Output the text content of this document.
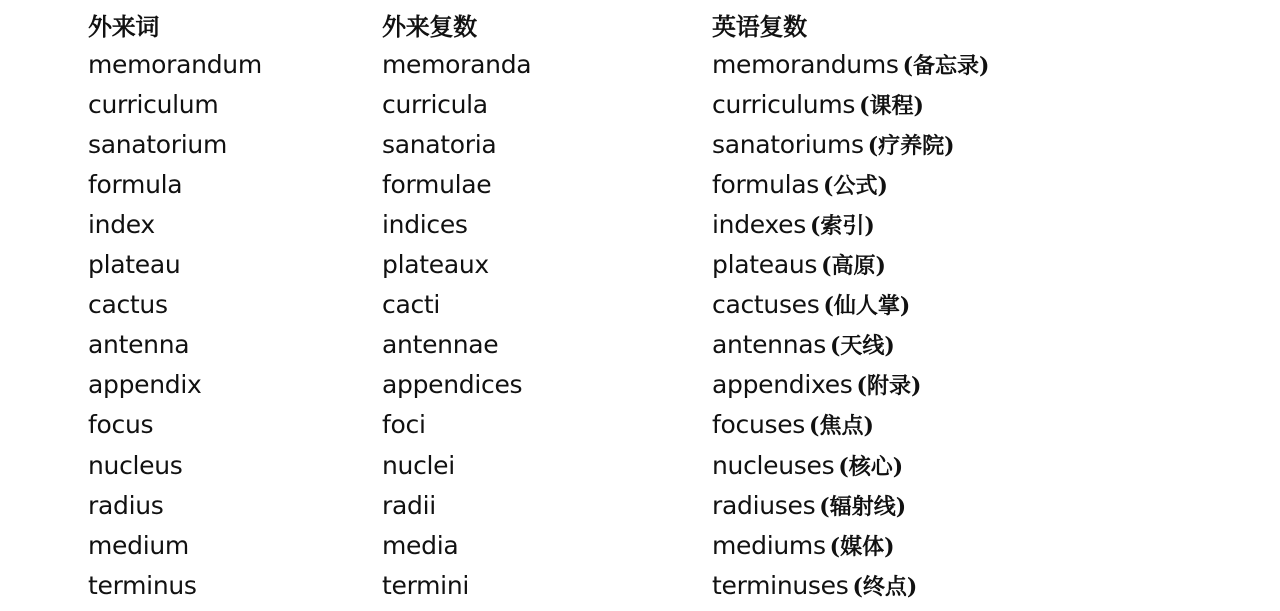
外来词	外来复数	英语复数
memorandum	memoranda	memorandums (备忘录)
curriculum	curricula	curriculums (课程)
sanatorium	sanatoria	sanatoriums (疗养院)
formula	formulae	formulas (公式)
index	indices	indexes (索引)
plateau	plateaux	plateaus (高原)
cactus	cacti	cactuses (仙人掌)
antenna	antennae	antennas (天线)
appendix	appendices	appendixes (附录)
focus	foci	focuses (焦点)
nucleus	nuclei	nucleuses (核心)
radius	radii	radiuses (辐射线)
medium	media	mediums (媒体)
terminus	termini	terminuses (终点)
